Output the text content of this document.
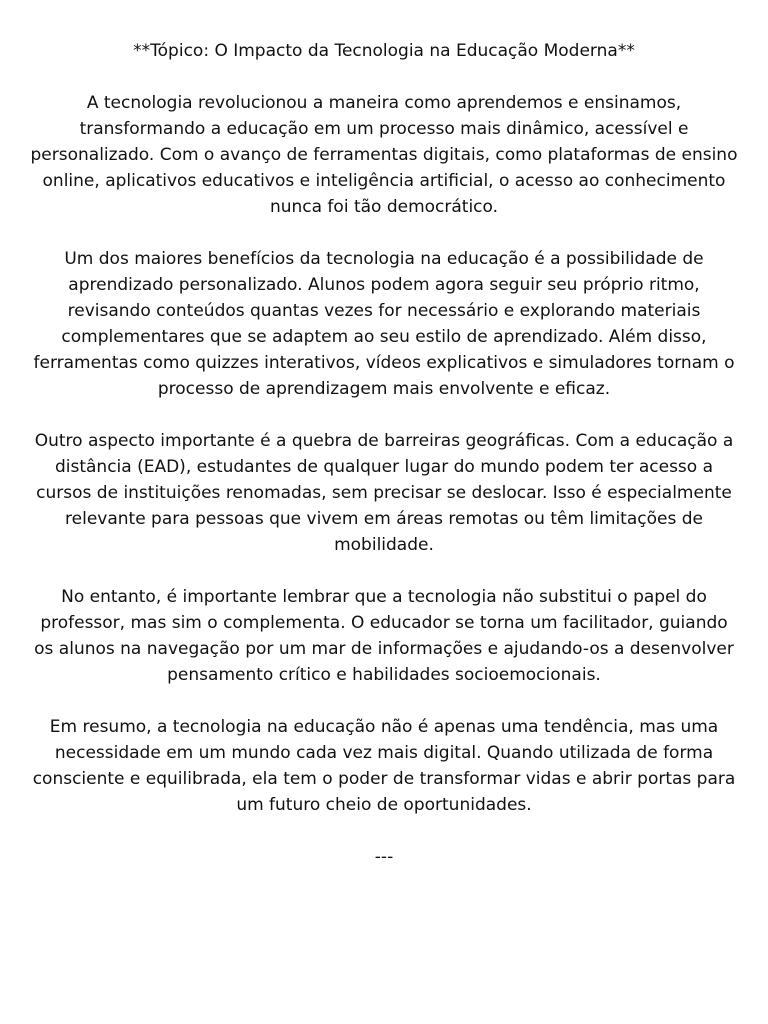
**Tópico: O Impacto da Tecnologia na Educação Moderna**

A tecnologia revolucionou a maneira como aprendemos e ensinamos, transformando a educação em um processo mais dinâmico, acessível e personalizado. Com o avanço de ferramentas digitais, como plataformas de ensino online, aplicativos educativos e inteligência artificial, o acesso ao conhecimento nunca foi tão democrático.

Um dos maiores benefícios da tecnologia na educação é a possibilidade de aprendizado personalizado. Alunos podem agora seguir seu próprio ritmo, revisando conteúdos quantas vezes for necessário e explorando materiais complementares que se adaptem ao seu estilo de aprendizado. Além disso, ferramentas como quizzes interativos, vídeos explicativos e simuladores tornam o processo de aprendizagem mais envolvente e eficaz.

Outro aspecto importante é a quebra de barreiras geográficas. Com a educação a distância (EAD), estudantes de qualquer lugar do mundo podem ter acesso a cursos de instituições renomadas, sem precisar se deslocar. Isso é especialmente relevante para pessoas que vivem em áreas remotas ou têm limitações de mobilidade.

No entanto, é importante lembrar que a tecnologia não substitui o papel do professor, mas sim o complementa. O educador se torna um facilitador, guiando os alunos na navegação por um mar de informações e ajudando-os a desenvolver pensamento crítico e habilidades socioemocionais.

Em resumo, a tecnologia na educação não é apenas uma tendência, mas uma necessidade em um mundo cada vez mais digital. Quando utilizada de forma consciente e equilibrada, ela tem o poder de transformar vidas e abrir portas para um futuro cheio de oportunidades.

---
